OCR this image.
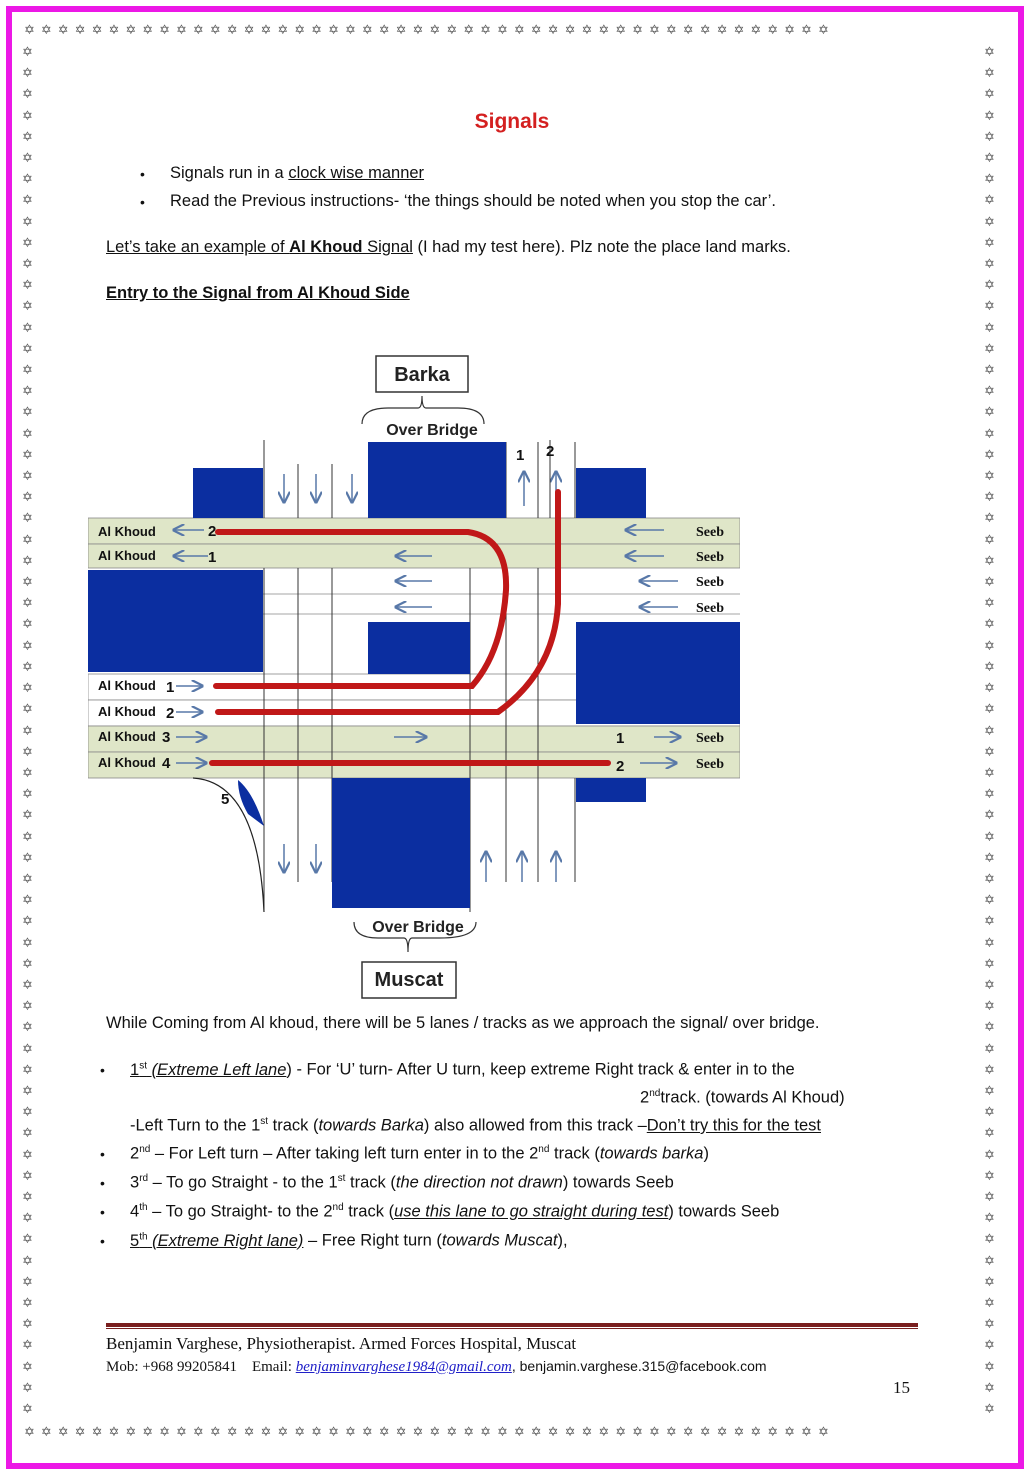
✡✡✡✡✡✡✡✡✡✡✡✡✡✡✡✡✡✡✡✡✡✡✡✡✡✡✡✡✡✡✡✡✡✡✡✡✡✡✡✡✡✡✡✡✡✡✡✡
✡✡✡✡✡✡✡✡✡✡✡✡✡✡✡✡✡✡✡✡✡✡✡✡✡✡✡✡✡✡✡✡✡✡✡✡✡✡✡✡✡✡✡✡✡✡✡✡
✡
✡
✡
✡
✡
✡
✡
✡
✡
✡
✡
✡
✡
✡
✡
✡
✡
✡
✡
✡
✡
✡
✡
✡
✡
✡
✡
✡
✡
✡
✡
✡
✡
✡
✡
✡
✡
✡
✡
✡
✡
✡
✡
✡
✡
✡
✡
✡
✡
✡
✡
✡
✡
✡
✡
✡
✡
✡
✡
✡
✡
✡
✡
✡
✡

✡
✡
✡
✡
✡
✡
✡
✡
✡
✡
✡
✡
✡
✡
✡
✡
✡
✡
✡
✡
✡
✡
✡
✡
✡
✡
✡
✡
✡
✡
✡
✡
✡
✡
✡
✡
✡
✡
✡
✡
✡
✡
✡
✡
✡
✡
✡
✡
✡
✡
✡
✡
✡
✡
✡
✡
✡
✡
✡
✡
✡
✡
✡
✡
✡

Signals
• Signals run in a clock wise manner
• Read the Previous instructions- ‘the things should be noted when you stop the car’.
Let’s take an example of Al Khoud Signal (I had my test here). Plz note the place land marks.
Entry to the Signal from Al Khoud Side
Barka
Over Bridge
Muscat
Over Bridge
Al Khoud
Al Khoud
Al Khoud
Al Khoud
Al Khoud
Al Khoud
2
1
1
2
3
4
Seeb
Seeb
Seeb
Seeb
Seeb
Seeb
1 2
1
2
5
While Coming from Al khoud, there will be 5 lanes / tracks as we approach the signal/ over bridge.
• 1st (Extreme Left lane) - For ‘U’ turn- After U turn, keep extreme Right track & enter in to the
2ndtrack. (towards Al Khoud)
-Left Turn to the 1st track (towards Barka) also allowed from this track –Don’t try this for the test
• 2nd – For Left turn – After taking left turn enter in to the 2nd track (towards barka)
• 3rd – To go Straight - to the 1st track (the direction not drawn) towards Seeb
• 4th – To go Straight- to the 2nd track (use this lane to go straight during test) towards Seeb
• 5th (Extreme Right lane) – Free Right turn (towards Muscat),
Benjamin Varghese, Physiotherapist. Armed Forces Hospital, Muscat
Mob: +968 99205841 Email: benjaminvarghese1984@gmail.com, benjamin.varghese.315@facebook.com
15
